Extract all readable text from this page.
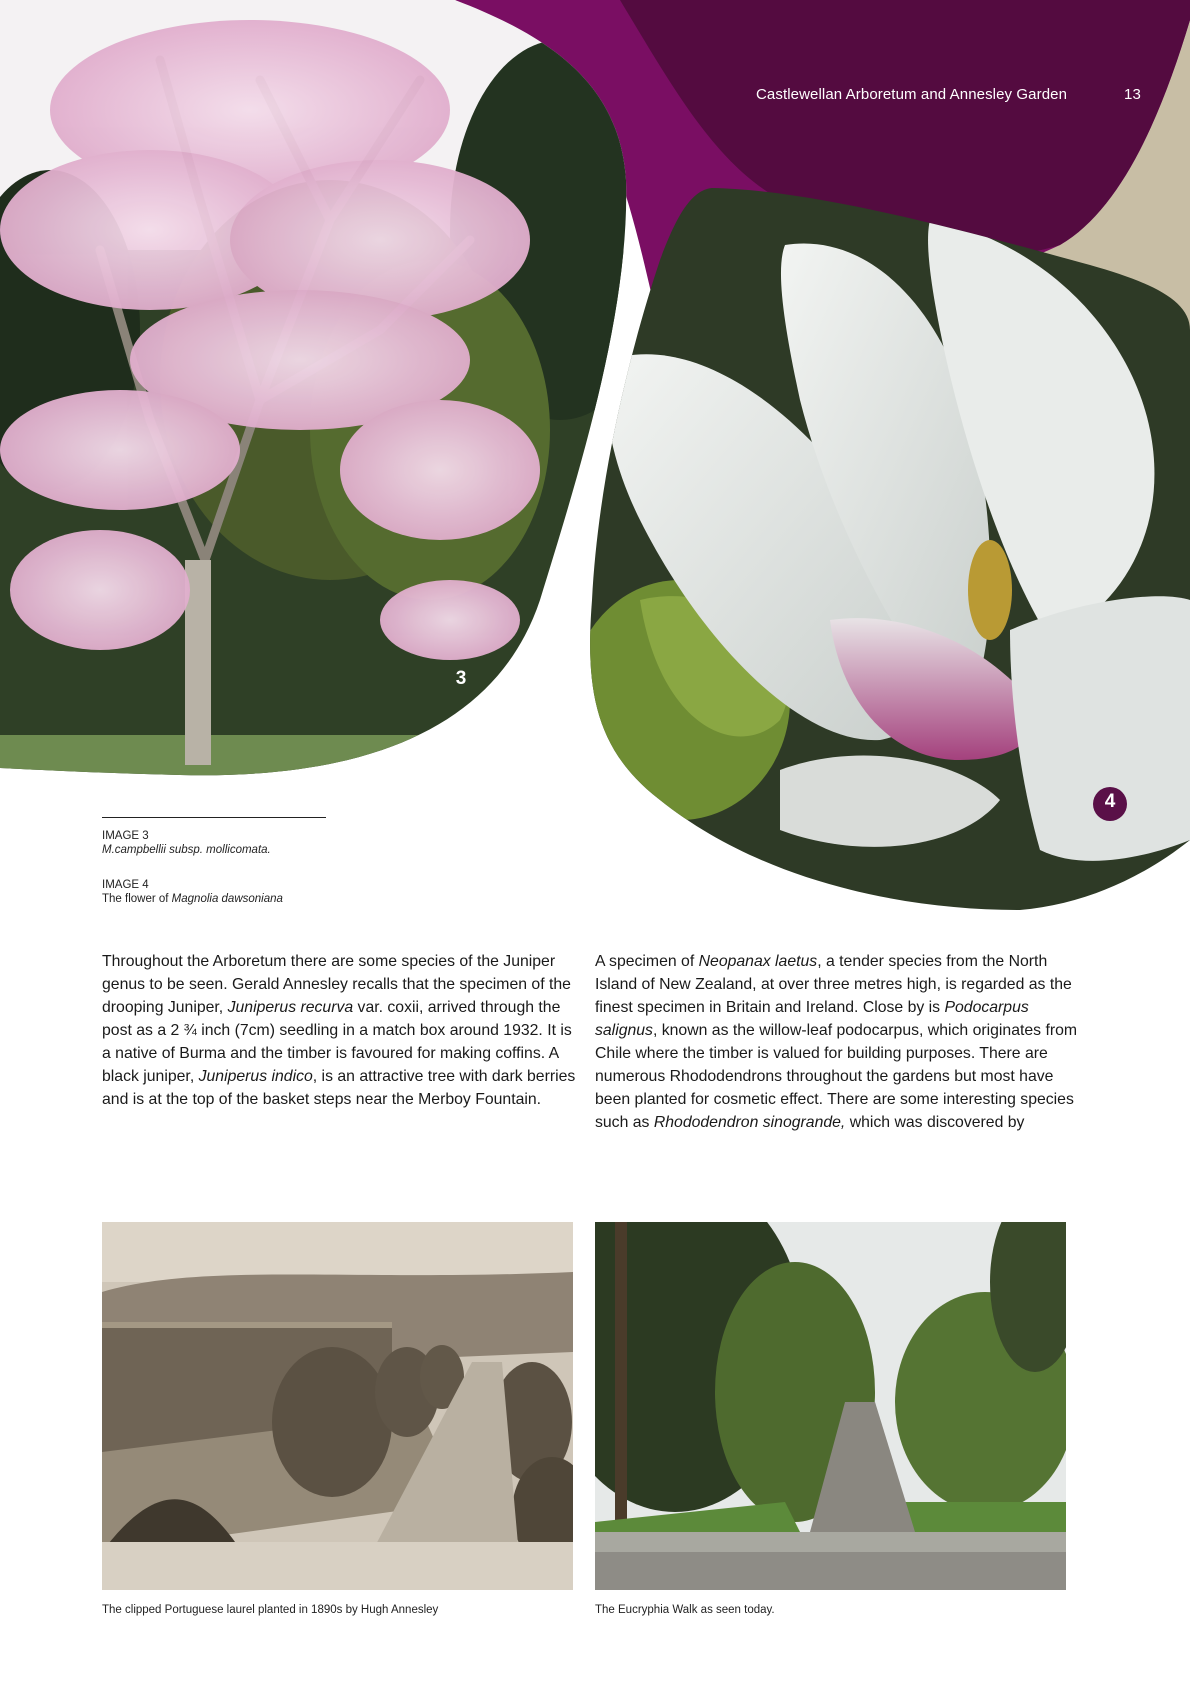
Castlewellan Arboretum and Annesley Garden	13
3
4
IMAGE 3
M.campbellii subsp. mollicomata.
IMAGE 4
The flower of Magnolia dawsoniana
Throughout the Arboretum there are some species of the Juniper genus to be seen. Gerald Annesley recalls that the specimen of the drooping Juniper, Juniperus recurva var. coxii, arrived through the post as a 2 ¾ inch (7cm) seedling in a match box around 1932. It is a native of Burma and the timber is favoured for making coffins. A black juniper, Juniperus indico, is an attractive tree with dark berries and is at the top of the basket steps near the Merboy Fountain.
A specimen of Neopanax laetus, a tender species from the North Island of New Zealand, at over three metres high, is regarded as the finest specimen in Britain and Ireland. Close by is Podocarpus salignus, known as the willow-leaf podocarpus, which originates from Chile where the timber is valued for building purposes. There are numerous Rhododendrons throughout the gardens but most have been planted for cosmetic effect. There are some interesting species such as Rhododendron sinogrande, which was discovered by
The clipped Portuguese laurel planted in 1890s by Hugh Annesley	The Eucryphia Walk as seen today.
